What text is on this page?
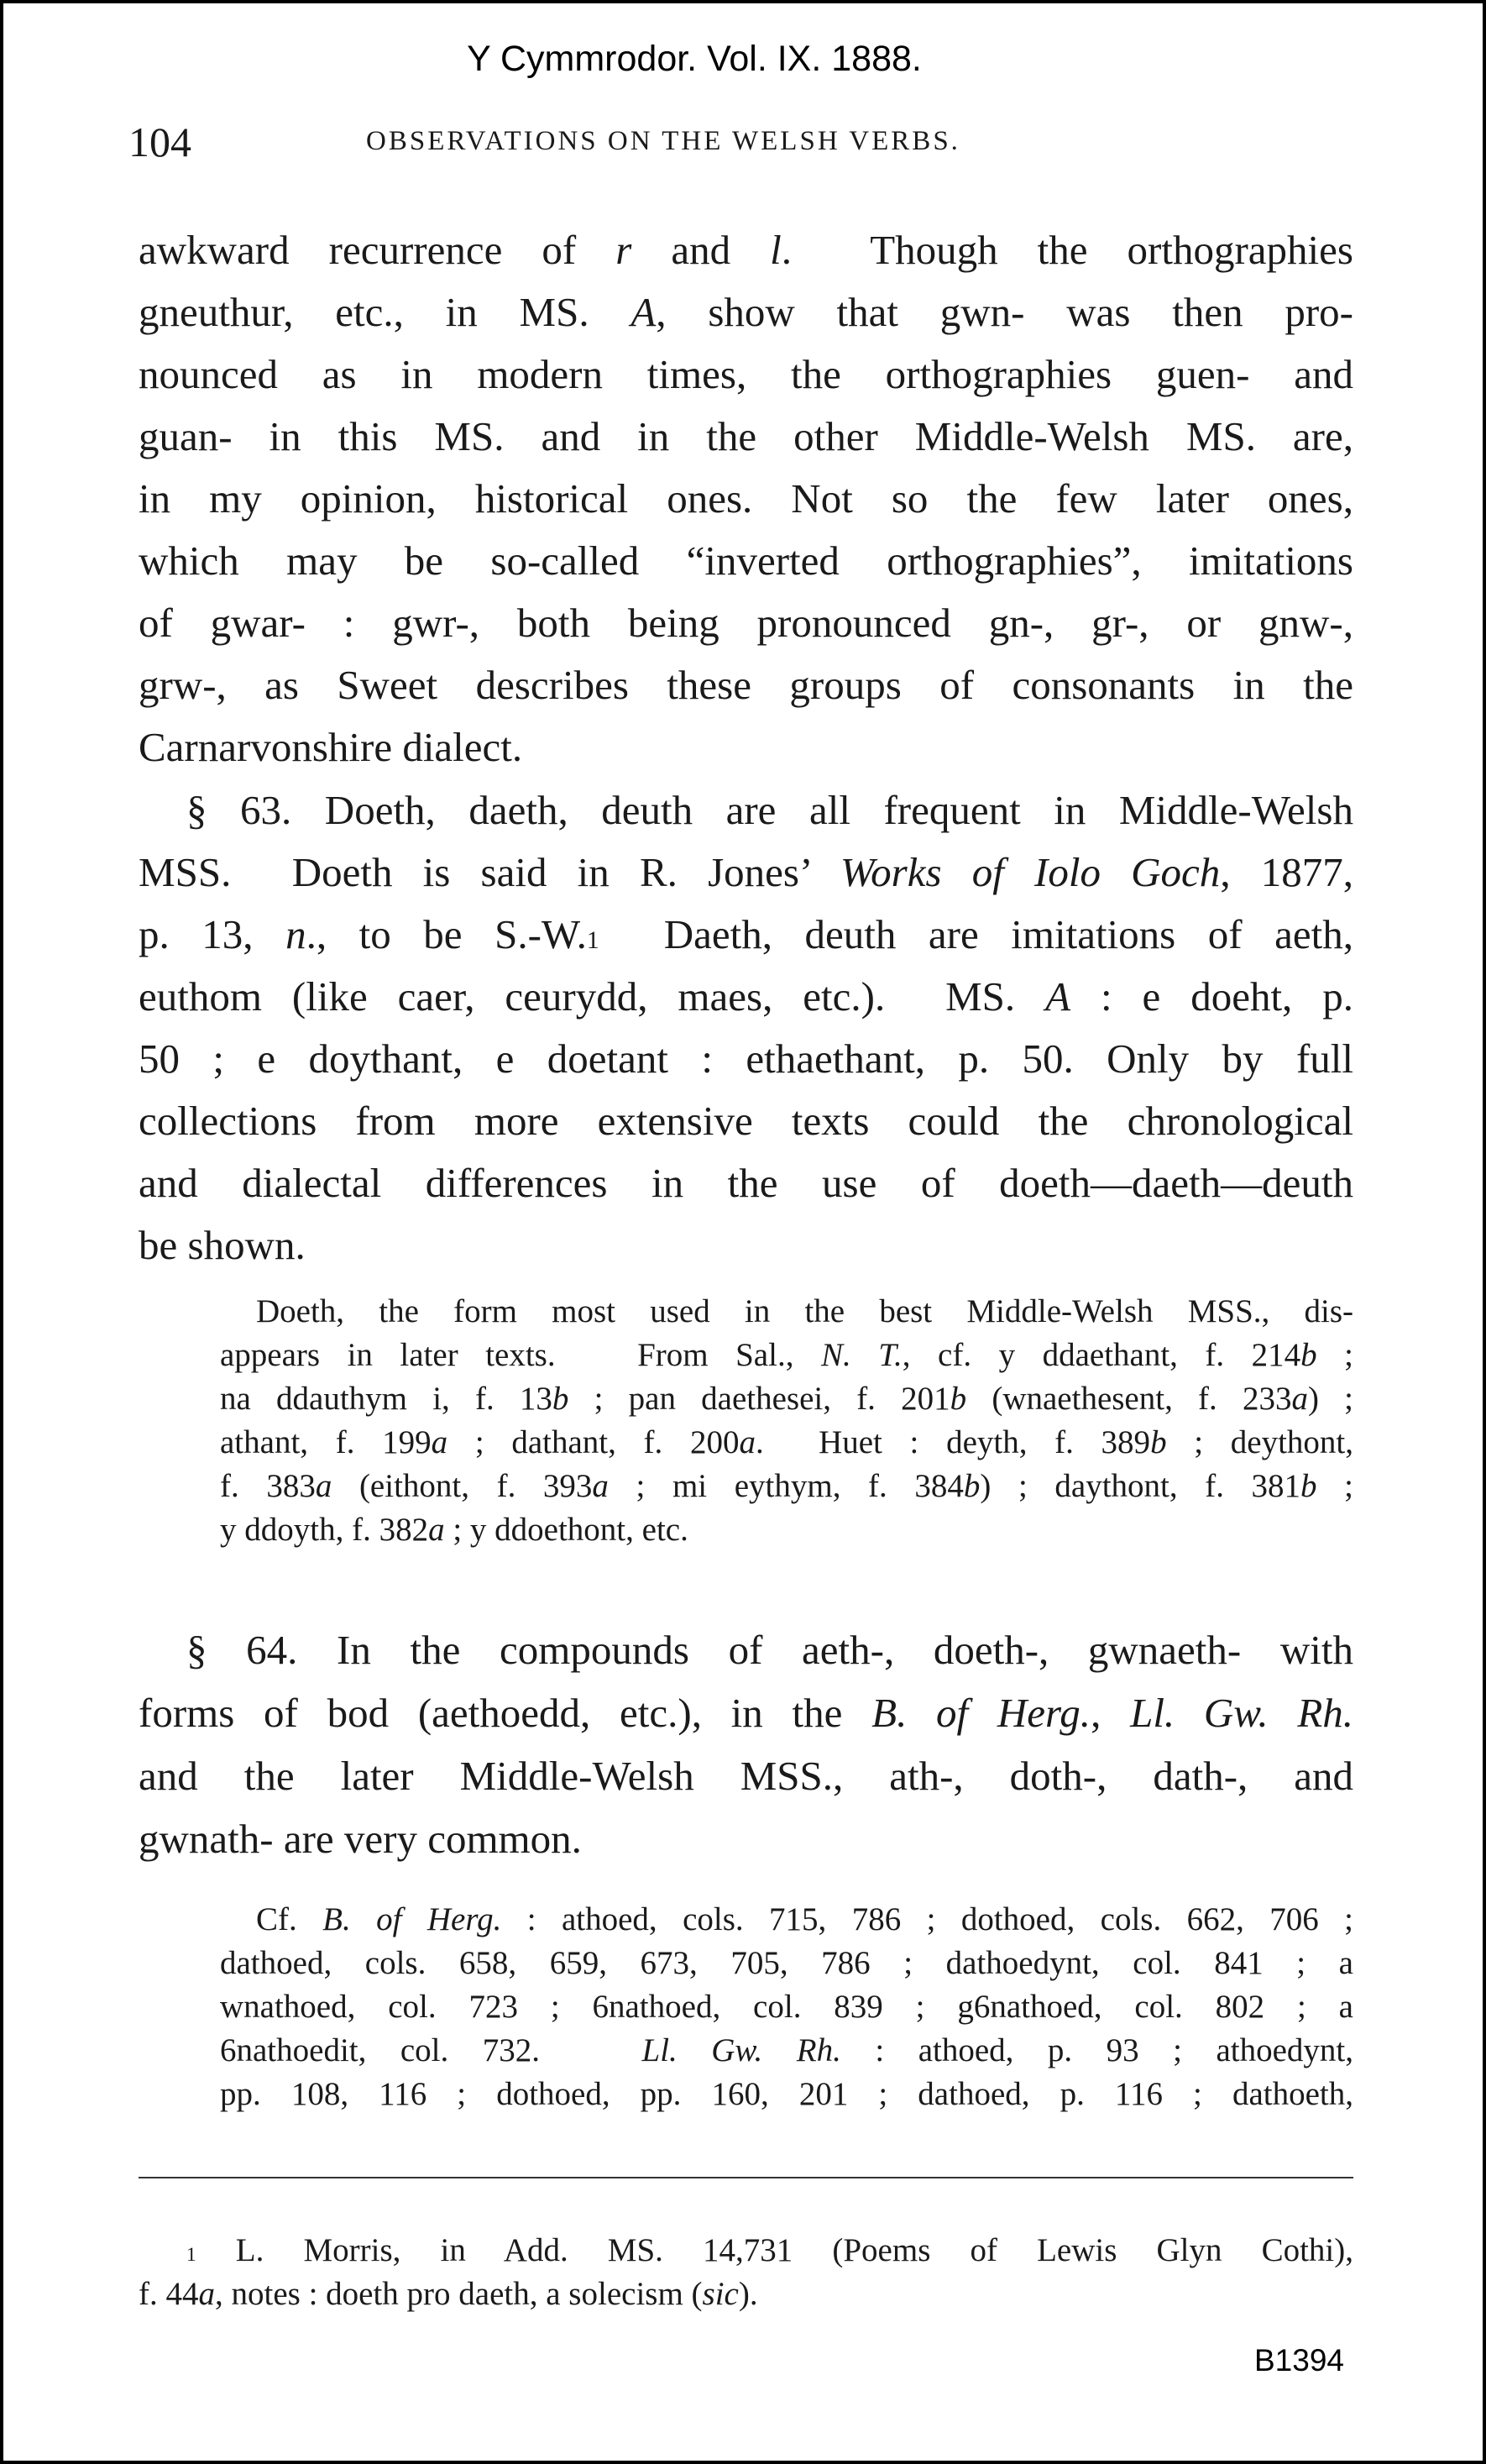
Y Cymmrodor. Vol. IX. 1888.
104	OBSERVATIONS ON THE WELSH VERBS.
awkward recurrence of r and l.  Though the orthographies
gneuthur, etc., in MS. A, show that gwn- was then pro-
nounced as in modern times, the orthographies guen- and
guan- in this MS. and in the other Middle-Welsh MS. are,
in my opinion, historical ones. Not so the few later ones,
which may be so-called “inverted orthographies”, imitations
of gwar- : gwr-, both being pronounced gn-, gr-, or gnw-,
grw-, as Sweet describes these groups of consonants in the
Carnarvonshire dialect.
§ 63. Doeth, daeth, deuth are all frequent in Middle-Welsh
MSS.  Doeth is said in R. Jones’ Works of Iolo Goch, 1877,
p. 13, n., to be S.-W.$^1$  Daeth, deuth are imitations of aeth,
euthom (like caer, ceurydd, maes, etc.).  MS. A : e doeht, p.
50 ; e doythant, e doetant : ethaethant, p. 50. Only by full
collections from more extensive texts could the chronological
and dialectal differences in the use of doeth—daeth—deuth
be shown.
Doeth, the form most used in the best Middle-Welsh MSS., dis-
appears in later texts.   From Sal., N. T., cf. y ddaethant, f. 214b ;
na ddauthym i, f. 13b ; pan daethesei, f. 201b (wnaethesent, f. 233a) ;
athant, f. 199a ; dathant, f. 200a.  Huet : deyth, f. 389b ; deythont,
f. 383a (eithont, f. 393a ; mi eythym, f. 384b) ; daythont, f. 381b ;
y ddoyth, f. 382a ; y ddoethont, etc.
§ 64. In the compounds of aeth-, doeth-, gwnaeth- with
forms of bod (aethoedd, etc.), in the B. of Herg., Ll. Gw. Rh.
and the later Middle-Welsh MSS., ath-, doth-, dath-, and
gwnath- are very common.
Cf. B. of Herg. : athoed, cols. 715, 786 ; dothoed, cols. 662, 706 ;
dathoed, cols. 658, 659, 673, 705, 786 ; dathoedynt, col. 841 ; a
wnathoed, col. 723 ; 6nathoed, col. 839 ; g6nathoed, col. 802 ; a
6nathoedit, col. 732.   Ll. Gw. Rh. : athoed, p. 93 ; athoedynt,
pp. 108, 116 ; dothoed, pp. 160, 201 ; dathoed, p. 116 ; dathoeth,
$^1$ L. Morris, in Add. MS. 14,731 (Poems of Lewis Glyn Cothi),
f. 44a, notes : doeth pro daeth, a solecism (sic).
B1394
